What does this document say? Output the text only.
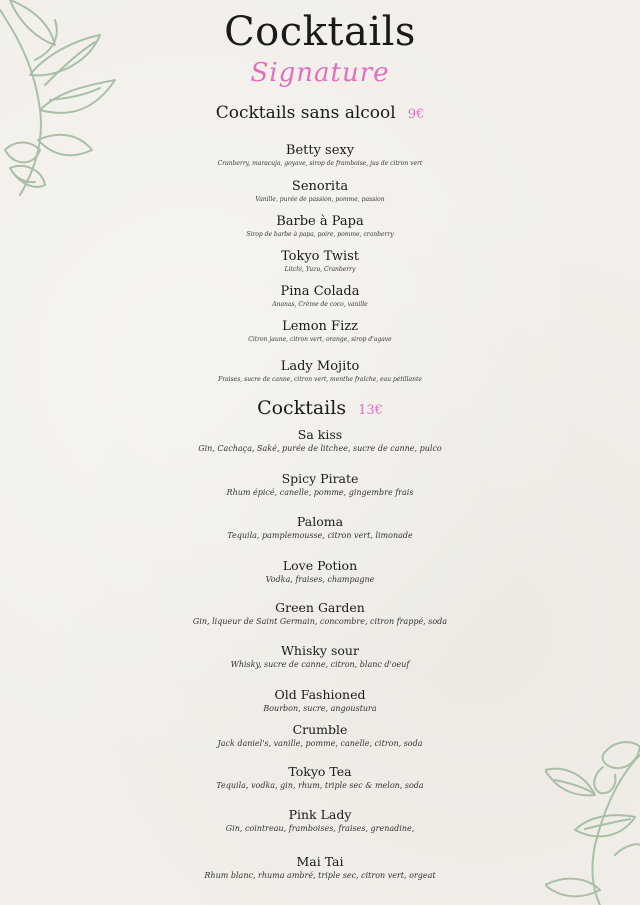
Cocktails
Signature
Cocktails sans alcool 9€
Betty sexy
Cranberry, maracuja, goyave, sirop de framboise, jus de citron vert
Senorita
Vanille, purée de passion, pomme, passion
Barbe à Papa
Sirop de barbe à papa, poire, pomme, cranberry
Tokyo Twist
Litchi, Yuzu, Cranberry
Pina Colada
Ananas, Crème de coco, vanille
Lemon Fizz
Citron jaune, citron vert, orange, sirop d'agave
Lady Mojito
Fraises, sucre de canne, citron vert, menthe fraîche, eau pétillante
Cocktails 13€
Sa kiss
Gin, Cachaça, Saké, purée de litchee, sucre de canne, pulco
Spicy Pirate
Rhum épicé, canelle, pomme, gingembre frais
Paloma
Tequila, pamplemousse, citron vert, limonade
Love Potion
Vodka, fraises, champagne
Green Garden
Gin, liqueur de Saint Germain, concombre, citron frappé, soda
Whisky sour
Whisky, sucre de canne, citron, blanc d'oeuf
Old Fashioned
Bourbon, sucre, angoustura
Crumble
Jack daniel's, vanille, pomme, canelle, citron, soda
Tokyo Tea
Tequila, vodka, gin, rhum, triple sec & melon, soda
Pink Lady
Gin, cointreau, framboises, fraises, grenadine,
Mai Tai
Rhum blanc, rhuma ambré, triple sec, citron vert, orgeat
